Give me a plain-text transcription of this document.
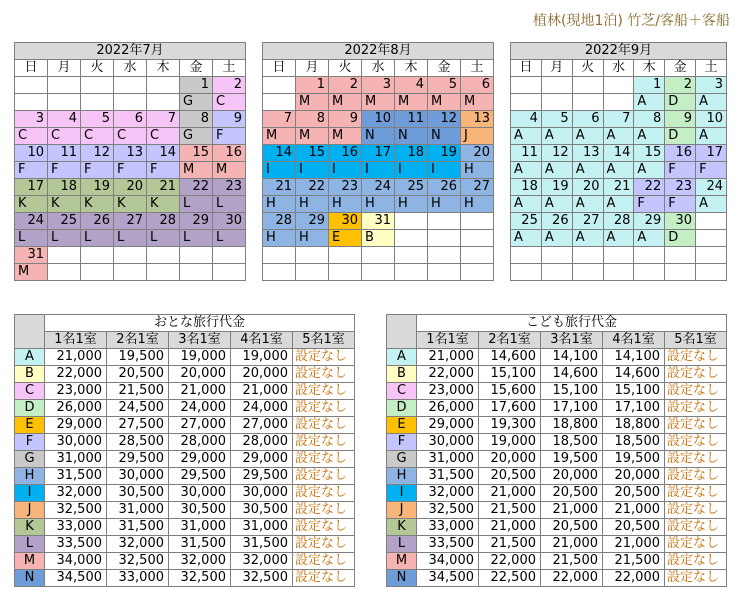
植林(現地1泊) 竹芝/客船＋客船
2022年7月						
日	月	火	水	木	金	土
					1	2
					G	C
3	4	5	6	7	8	9
C	C	C	C	C	G	F
10	11	12	13	14	15	16
F	F	F	F	F	M	M
17	18	19	20	21	22	23
K	K	K	K	K	L	L
24	25	26	27	28	29	30
L	L	L	L	L	L	L
31						
M						
2022年8月						
日	月	火	水	木	金	土
	1	2	3	4	5	6
	M	M	M	M	M	M
7	8	9	10	11	12	13
M	M	M	N	N	N	J
14	15	16	17	18	19	20
I	I	I	I	I	I	H
21	22	23	24	25	26	27
H	H	H	H	H	H	H
28	29	30	31			
H	H	E	B			

2022年9月						
日	月	火	水	木	金	土
				1	2	3
				A	D	A
4	5	6	7	8	9	10
A	A	A	A	A	D	A
11	12	13	14	15	16	17
A	A	A	A	A	F	F
18	19	20	21	22	23	24
A	A	A	A	F	F	A
25	26	27	28	29	30	
A	A	A	A	A	D	

	おとな旅行代金				
	1名1室	2名1室	3名1室	4名1室	5名1室
A	21,000	19,500	19,000	19,000	設定なし
B	22,000	20,500	20,000	20,000	設定なし
C	23,000	21,500	21,000	21,000	設定なし
D	26,000	24,500	24,000	24,000	設定なし
E	29,000	27,500	27,000	27,000	設定なし
F	30,000	28,500	28,000	28,000	設定なし
G	31,000	29,500	29,000	29,000	設定なし
H	31,500	30,000	29,500	29,500	設定なし
I	32,000	30,500	30,000	30,000	設定なし
J	32,500	31,000	30,500	30,500	設定なし
K	33,000	31,500	31,000	31,000	設定なし
L	33,500	32,000	31,500	31,500	設定なし
M	34,000	32,500	32,000	32,000	設定なし
N	34,500	33,000	32,500	32,500	設定なし
	こども旅行代金				
	1名1室	2名1室	3名1室	4名1室	5名1室
A	21,000	14,600	14,100	14,100	設定なし
B	22,000	15,100	14,600	14,600	設定なし
C	23,000	15,600	15,100	15,100	設定なし
D	26,000	17,600	17,100	17,100	設定なし
E	29,000	19,300	18,800	18,800	設定なし
F	30,000	19,000	18,500	18,500	設定なし
G	31,000	20,000	19,500	19,500	設定なし
H	31,500	20,500	20,000	20,000	設定なし
I	32,000	21,000	20,500	20,500	設定なし
J	32,500	21,500	21,000	21,000	設定なし
K	33,000	21,000	20,500	20,500	設定なし
L	33,500	21,500	21,000	21,000	設定なし
M	34,000	22,000	21,500	21,500	設定なし
N	34,500	22,500	22,000	22,000	設定なし
